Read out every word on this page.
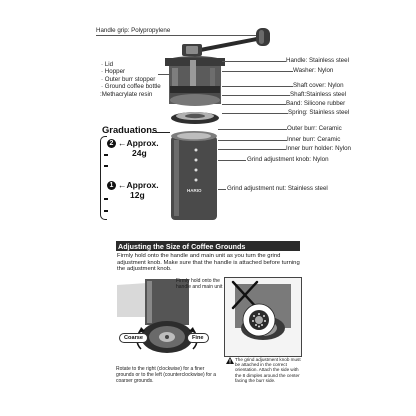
Handle grip: Polypropylene
HARIO
· Lid
· Hopper
· Outer burr stopper
· Ground coffee bottle
:Methacrylate resin
Handle: Stainless steel
Washer: Nylon
Shaft cover: Nylon
Shaft:Stainless steel
Band: Silicone rubber
Spring: Stainless steel
Outer burr: Ceramic
Inner burr: Ceramic
Inner burr holder: Nylon
Grind adjustment knob: Nylon
Grind adjustment nut: Stainless steel
Graduations
2 ←Approx.
24g
1 ←Approx.
12g
Adjusting the Size of Coffee Grounds
Firmly hold onto the handle and main unit as you turn the grind adjustment knob. Make sure that the handle is attached before turning the adjustment knob.
Firmly hold onto the handle and main unit
Coarse	Fine
Rotate to the right (clockwise) for a finer grounds or to the left (counterclockwise) for a coarser grounds.
The grind adjustment knob must be attached in the correct orientation. Attach the side with the 8 dimples around the center facing the burr side.
